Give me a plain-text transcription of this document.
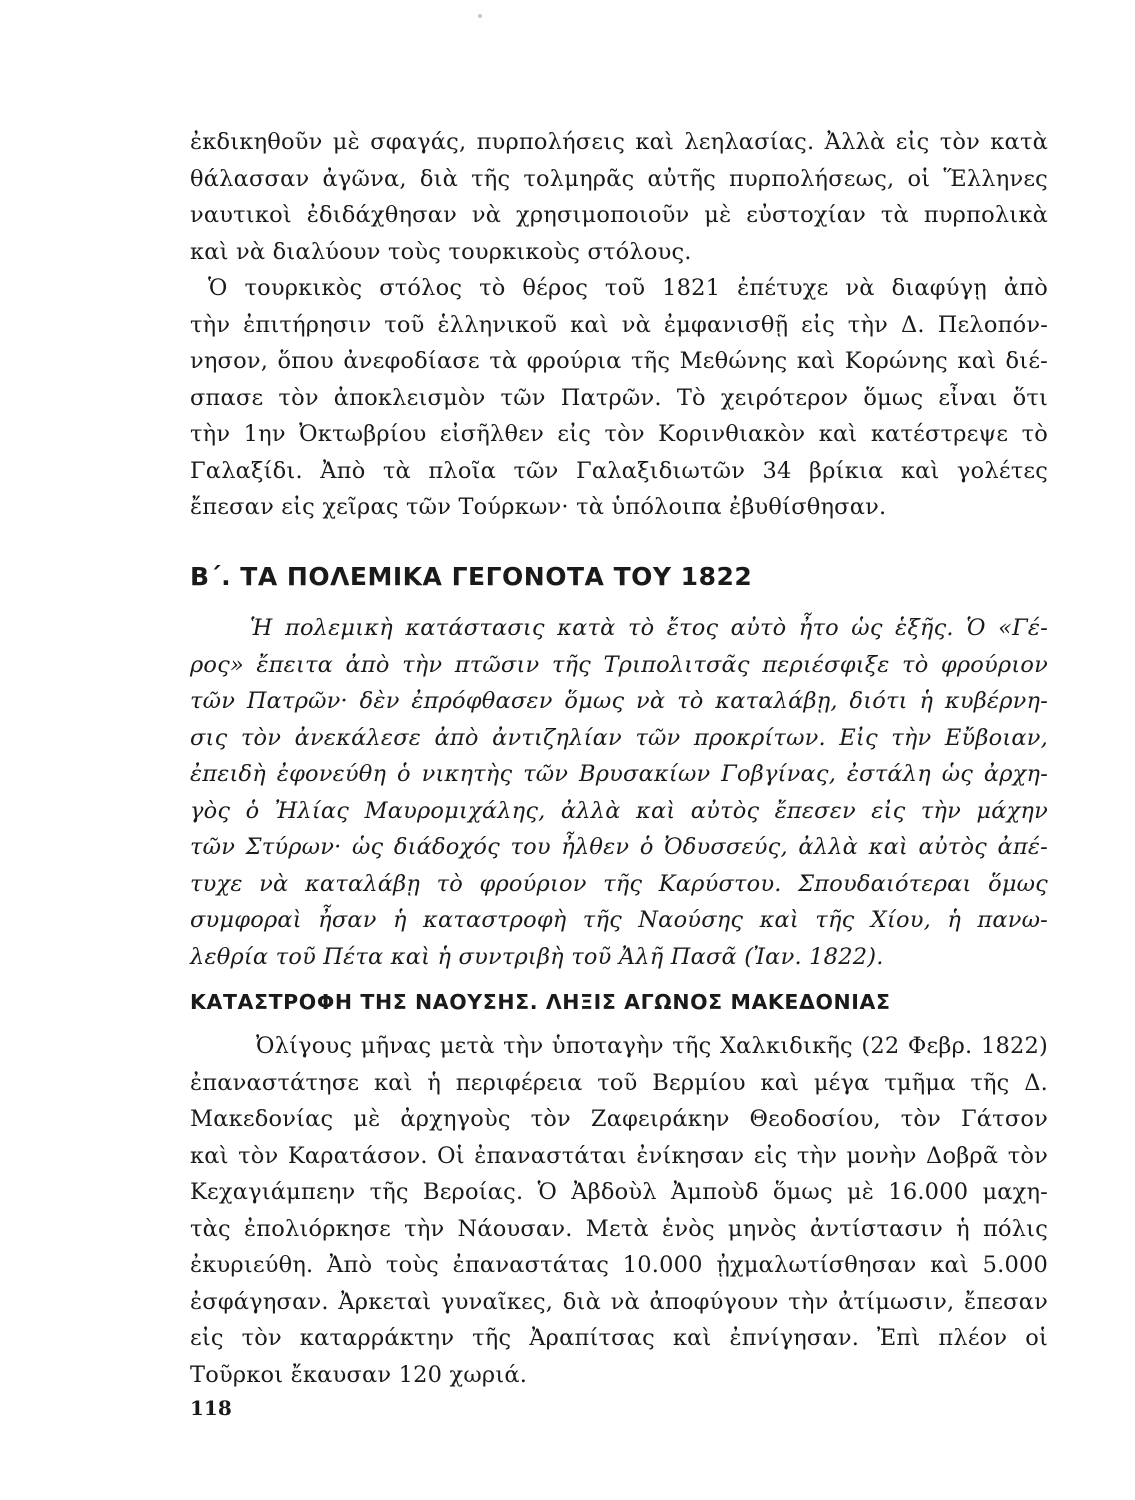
ἐκδικηθοῦν μὲ σφαγάς, πυρπολήσεις καὶ λεηλασίας. Ἀλλὰ εἰς τὸν κατὰ
θάλασσαν ἀγῶνα, διὰ τῆς τολμηρᾶς αὐτῆς πυρπολήσεως, οἱ Ἕλληνες
ναυτικοὶ ἐδιδάχθησαν νὰ χρησιμοποιοῦν μὲ εὐστοχίαν τὰ πυρπολικὰ
καὶ νὰ διαλύουν τοὺς τουρκικοὺς στόλους.
Ὁ τουρκικὸς στόλος τὸ θέρος τοῦ 1821 ἐπέτυχε νὰ διαφύγῃ ἀπὸ
τὴν ἐπιτήρησιν τοῦ ἑλληνικοῦ καὶ νὰ ἐμφανισθῇ εἰς τὴν Δ. Πελοπόν-
νησον, ὅπου ἀνεφοδίασε τὰ φρούρια τῆς Μεθώνης καὶ Κορώνης καὶ διέ-
σπασε τὸν ἀποκλεισμὸν τῶν Πατρῶν. Τὸ χειρότερον ὅμως εἶναι ὅτι
τὴν 1ην Ὀκτωβρίου εἰσῆλθεν εἰς τὸν Κορινθιακὸν καὶ κατέστρεψε τὸ
Γαλαξίδι. Ἀπὸ τὰ πλοῖα τῶν Γαλαξιδιωτῶν 34 βρίκια καὶ γολέτες
ἔπεσαν εἰς χεῖρας τῶν Τούρκων· τὰ ὑπόλοιπα ἐβυθίσθησαν.
Β΄. ΤΑ ΠΟΛΕΜΙΚΑ ΓΕΓΟΝΟΤΑ ΤΟΥ 1822
Ἡ πολεμικὴ κατάστασις κατὰ τὸ ἔτος αὐτὸ ἦτο ὡς ἑξῆς. Ὁ «Γέ-
ρος» ἔπειτα ἀπὸ τὴν πτῶσιν τῆς Τριπολιτσᾶς περιέσφιξε τὸ φρούριον
τῶν Πατρῶν· δὲν ἐπρόφθασεν ὅμως νὰ τὸ καταλάβῃ, διότι ἡ κυβέρνη-
σις τὸν ἀνεκάλεσε ἀπὸ ἀντιζηλίαν τῶν προκρίτων. Εἰς τὴν Εὔβοιαν,
ἐπειδὴ ἐφονεύθη ὁ νικητὴς τῶν Βρυσακίων Γοβγίνας, ἐστάλη ὡς ἀρχη-
γὸς ὁ Ἠλίας Μαυρομιχάλης, ἀλλὰ καὶ αὐτὸς ἔπεσεν εἰς τὴν μάχην
τῶν Στύρων· ὡς διάδοχός του ἦλθεν ὁ Ὀδυσσεύς, ἀλλὰ καὶ αὐτὸς ἀπέ-
τυχε νὰ καταλάβῃ τὸ φρούριον τῆς Καρύστου. Σπουδαιότεραι ὅμως
συμφοραὶ ἦσαν ἡ καταστροφὴ τῆς Ναούσης καὶ τῆς Χίου, ἡ πανω-
λεθρία τοῦ Πέτα καὶ ἡ συντριβὴ τοῦ Ἀλῆ Πασᾶ (Ἰαν. 1822).
ΚΑΤΑΣΤΡΟΦΗ ΤΗΣ ΝΑΟΥΣΗΣ. ΛΗΞΙΣ ΑΓΩΝΟΣ ΜΑΚΕΔΟΝΙΑΣ
Ὀλίγους μῆνας μετὰ τὴν ὑποταγὴν τῆς Χαλκιδικῆς (22 Φεβρ. 1822)
ἐπαναστάτησε καὶ ἡ περιφέρεια τοῦ Βερμίου καὶ μέγα τμῆμα τῆς Δ.
Μακεδονίας μὲ ἀρχηγοὺς τὸν Ζαφειράκην Θεοδοσίου, τὸν Γάτσον
καὶ τὸν Καρατάσον. Οἱ ἐπαναστάται ἐνίκησαν εἰς τὴν μονὴν Δοβρᾶ τὸν
Κεχαγιάμπεην τῆς Βεροίας. Ὁ Ἀβδοὺλ Ἀμποὺδ ὅμως μὲ 16.000 μαχη-
τὰς ἐπολιόρκησε τὴν Νάουσαν. Μετὰ ἑνὸς μηνὸς ἀντίστασιν ἡ πόλις
ἐκυριεύθη. Ἀπὸ τοὺς ἐπαναστάτας 10.000 ᾐχμαλωτίσθησαν καὶ 5.000
ἐσφάγησαν. Ἀρκεταὶ γυναῖκες, διὰ νὰ ἀποφύγουν τὴν ἀτίμωσιν, ἔπεσαν
εἰς τὸν καταρράκτην τῆς Ἀραπίτσας καὶ ἐπνίγησαν. Ἐπὶ πλέον οἱ
Τοῦρκοι ἔκαυσαν 120 χωριά.

118
